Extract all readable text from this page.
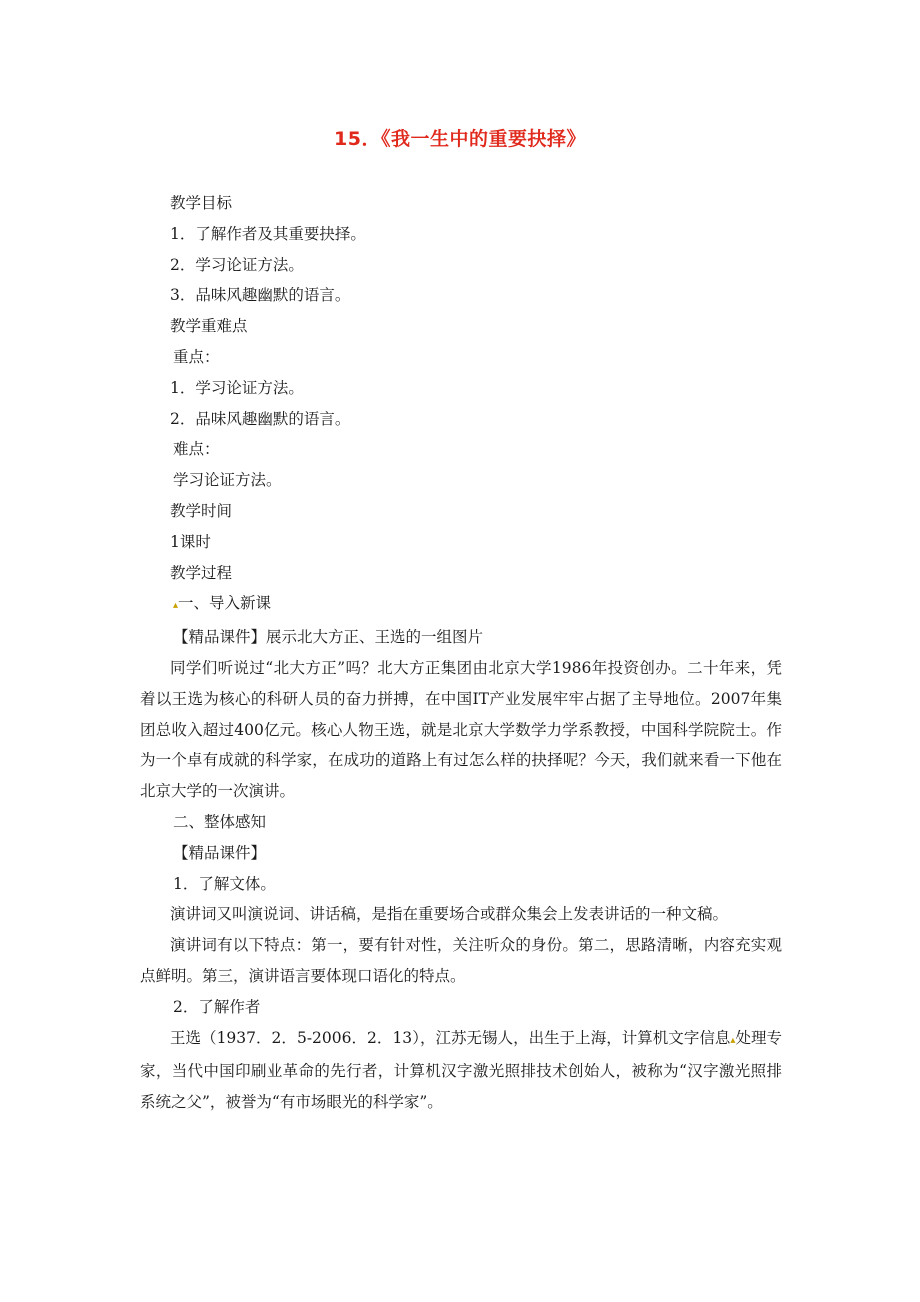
15．《我一生中的重要抉择》

教学目标

1．了解作者及其重要抉择。

2．学习论证方法。

3．品味风趣幽默的语言。

教学重难点

重点：

1．学习论证方法。

2．品味风趣幽默的语言。

难点：

学习论证方法。

教学时间

1课时

教学过程

▴一、导入新课

【精品课件】展示北大方正、王选的一组图片

同学们听说过“北大方正”吗？北大方正集团由北京大学1986年投资创办。二十年来，凭着以王选为核心的科研人员的奋力拼搏，在中国IT产业发展牢牢占据了主导地位。2007年集团总收入超过400亿元。核心人物王选，就是北京大学数学力学系教授，中国科学院院士。作为一个卓有成就的科学家，在成功的道路上有过怎么样的抉择呢？今天，我们就来看一下他在北京大学的一次演讲。

二、整体感知

【精品课件】

1．了解文体。

演讲词又叫演说词、讲话稿，是指在重要场合或群众集会上发表讲话的一种文稿。

演讲词有以下特点：第一，要有针对性，关注听众的身份。第二，思路清晰，内容充实观点鲜明。第三，演讲语言要体现口语化的特点。

2．了解作者

王选（1937．2．5-2006．2．13），江苏无锡人，出生于上海，计算机文字信息▴处理专家，当代中国印刷业革命的先行者，计算机汉字激光照排技术创始人，被称为“汉字激光照排系统之父”，被誉为“有市场眼光的科学家”。
